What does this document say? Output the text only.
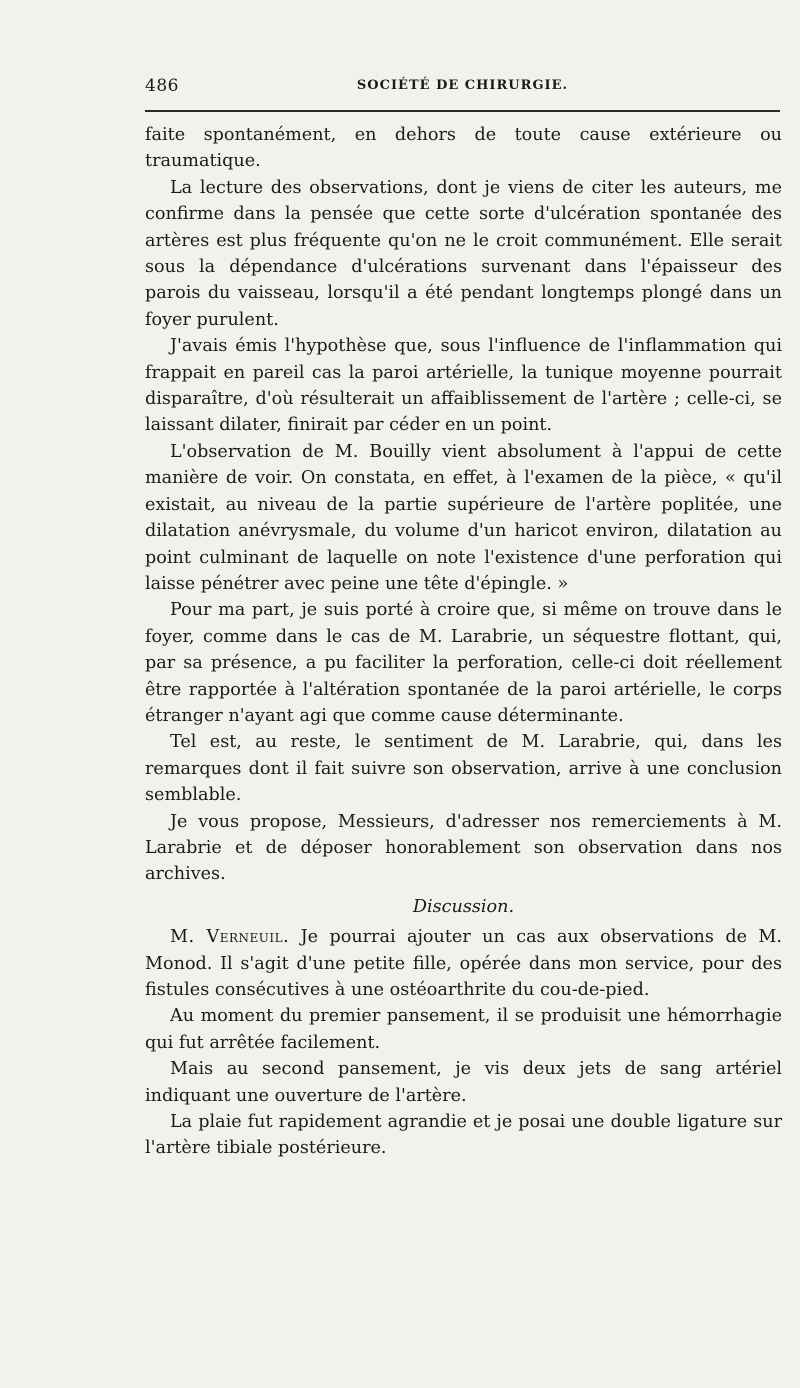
486	SOCIÉTÉ DE CHIRURGIE.

faite spontanément, en dehors de toute cause extérieure ou traumatique.

La lecture des observations, dont je viens de citer les auteurs, me confirme dans la pensée que cette sorte d'ulcération spontanée des artères est plus fréquente qu'on ne le croit communément. Elle serait sous la dépendance d'ulcérations survenant dans l'épaisseur des parois du vaisseau, lorsqu'il a été pendant longtemps plongé dans un foyer purulent.

J'avais émis l'hypothèse que, sous l'influence de l'inflammation qui frappait en pareil cas la paroi artérielle, la tunique moyenne pourrait disparaître, d'où résulterait un affaiblissement de l'artère ; celle-ci, se laissant dilater, finirait par céder en un point.

L'observation de M. Bouilly vient absolument à l'appui de cette manière de voir. On constata, en effet, à l'examen de la pièce, « qu'il existait, au niveau de la partie supérieure de l'artère poplitée, une dilatation anévrysmale, du volume d'un haricot environ, dilatation au point culminant de laquelle on note l'existence d'une perforation qui laisse pénétrer avec peine une tête d'épingle. »

Pour ma part, je suis porté à croire que, si même on trouve dans le foyer, comme dans le cas de M. Larabrie, un séquestre flottant, qui, par sa présence, a pu faciliter la perforation, celle-ci doit réellement être rapportée à l'altération spontanée de la paroi artérielle, le corps étranger n'ayant agi que comme cause déterminante.

Tel est, au reste, le sentiment de M. Larabrie, qui, dans les remarques dont il fait suivre son observation, arrive à une conclusion semblable.

Je vous propose, Messieurs, d'adresser nos remerciements à M. Larabrie et de déposer honorablement son observation dans nos archives.

Discussion.

M. Verneuil. Je pourrai ajouter un cas aux observations de M. Monod. Il s'agit d'une petite fille, opérée dans mon service, pour des fistules consécutives à une ostéoarthrite du cou-de-pied.

Au moment du premier pansement, il se produisit une hémorrhagie qui fut arrêtée facilement.

Mais au second pansement, je vis deux jets de sang artériel indiquant une ouverture de l'artère.

La plaie fut rapidement agrandie et je posai une double ligature sur l'artère tibiale postérieure.
